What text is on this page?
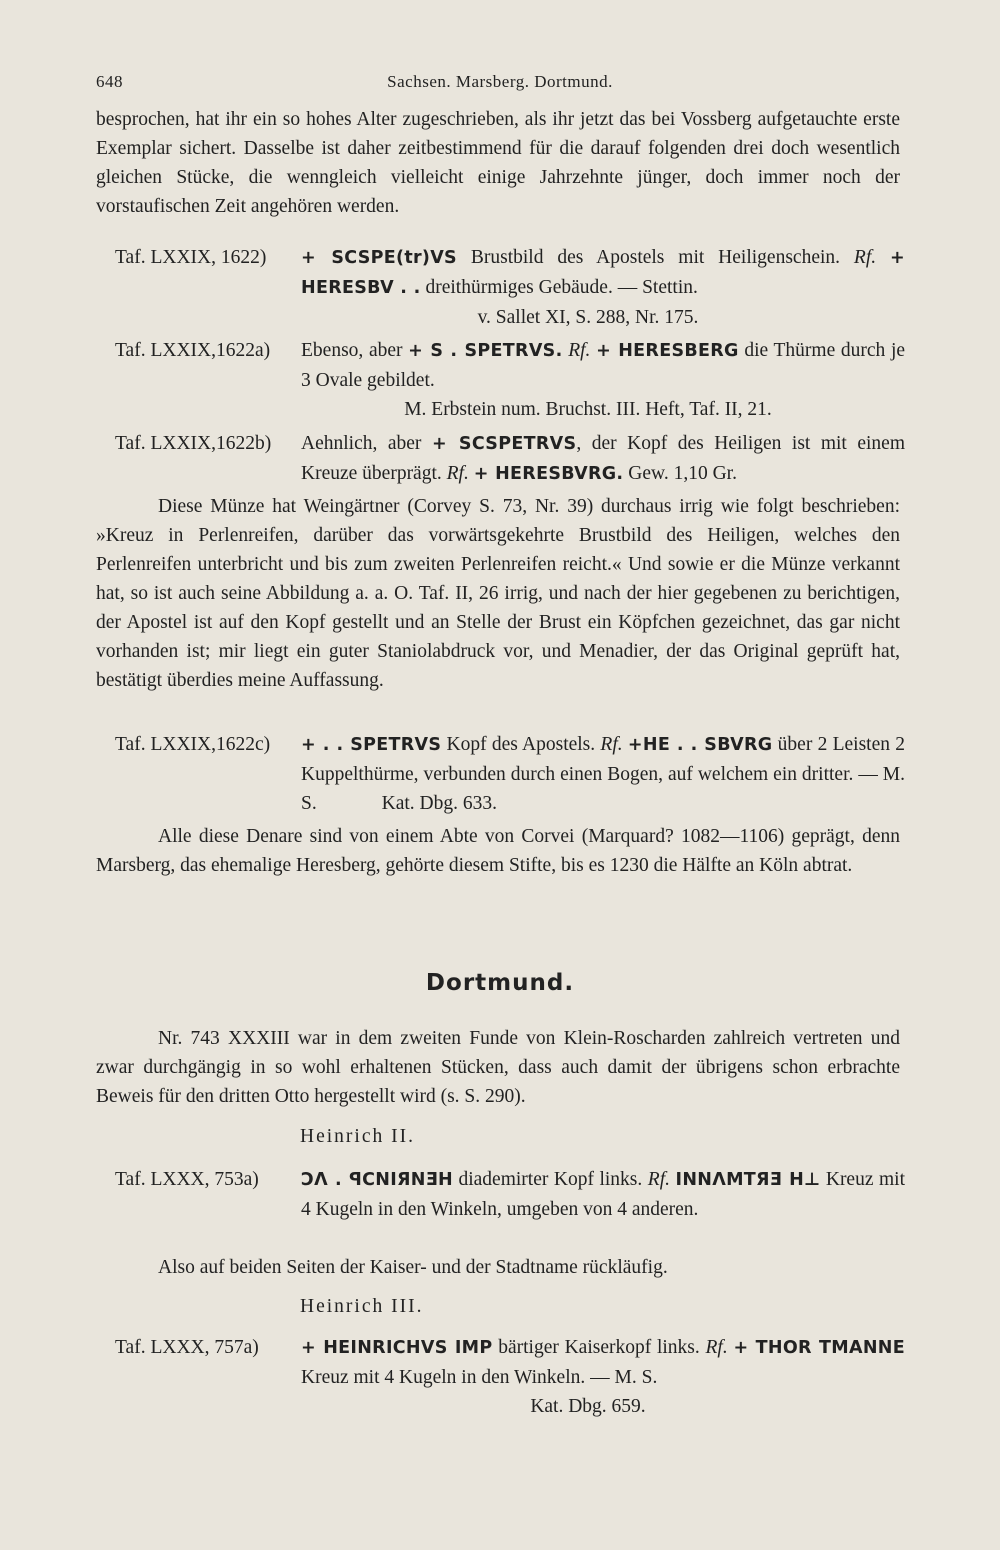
648	Sachsen. Marsberg. Dortmund.

besprochen, hat ihr ein so hohes Alter zugeschrieben, als ihr jetzt das bei Vossberg aufgetauchte erste Exemplar sichert. Dasselbe ist daher zeitbestimmend für die darauf folgenden drei doch wesentlich gleichen Stücke, die wenngleich vielleicht einige Jahrzehnte jünger, doch immer noch der vorstaufischen Zeit angehören werden.

Taf. LXXIX, 1622) + SCSPE(tr)VS Brustbild des Apostels mit Heiligenschein. Rf. + HERESBV . . dreithürmiges Gebäude. — Stettin.
v. Sallet XI, S. 288, Nr. 175.
Taf. LXXIX,1622a) Ebenso, aber + S . SPETRVS. Rf. + HERESBERG die Thürme durch je 3 Ovale gebildet.
M. Erbstein num. Bruchst. III. Heft, Taf. II, 21.
Taf. LXXIX,1622b) Aehnlich, aber + SCSPETRVS, der Kopf des Heiligen ist mit einem Kreuze überprägt. Rf. + HERESBVRG. Gew. 1,10 Gr.

Diese Münze hat Weingärtner (Corvey S. 73, Nr. 39) durchaus irrig wie folgt beschrieben: »Kreuz in Perlenreifen, darüber das vorwärtsgekehrte Brustbild des Heiligen, welches den Perlenreifen unterbricht und bis zum zweiten Perlenreifen reicht.« Und sowie er die Münze verkannt hat, so ist auch seine Abbildung a. a. O. Taf. II, 26 irrig, und nach der hier gegebenen zu berichtigen, der Apostel ist auf den Kopf gestellt und an Stelle der Brust ein Köpfchen gezeichnet, das gar nicht vorhanden ist; mir liegt ein guter Staniolabdruck vor, und Menadier, der das Original geprüft hat, bestätigt überdies meine Auffassung.

Taf. LXXIX,1622c) + . . SPETRVS Kopf des Apostels. Rf. +HE . . SBVRG über 2 Leisten 2 Kuppelthürme, verbunden durch einen Bogen, auf welchem ein dritter. — M. S.	Kat. Dbg. 633.

Alle diese Denare sind von einem Abte von Corvei (Marquard? 1082—1106) geprägt, denn Marsberg, das ehemalige Heresberg, gehörte diesem Stifte, bis es 1230 die Hälfte an Köln abtrat.

Dortmund.

Nr. 743 XXXIII war in dem zweiten Funde von Klein-Roscharden zahlreich vertreten und zwar durchgängig in so wohl erhaltenen Stücken, dass auch damit der übrigens schon erbrachte Beweis für den dritten Otto hergestellt wird (s. S. 290).

Heinrich II.
Taf. LXXX, 753a) ƆΛ . ꟼCNIЯNƎH diademirter Kopf links. Rf. INNΛMTЯƎ H⊥ Kreuz mit 4 Kugeln in den Winkeln, umgeben von 4 anderen.

Also auf beiden Seiten der Kaiser- und der Stadtname rückläufig.

Heinrich III.
Taf. LXXX, 757a) + HEINRICHVS IMP bärtiger Kaiserkopf links. Rf. + THOR TMANNE Kreuz mit 4 Kugeln in den Winkeln. — M. S.
Kat. Dbg. 659.
